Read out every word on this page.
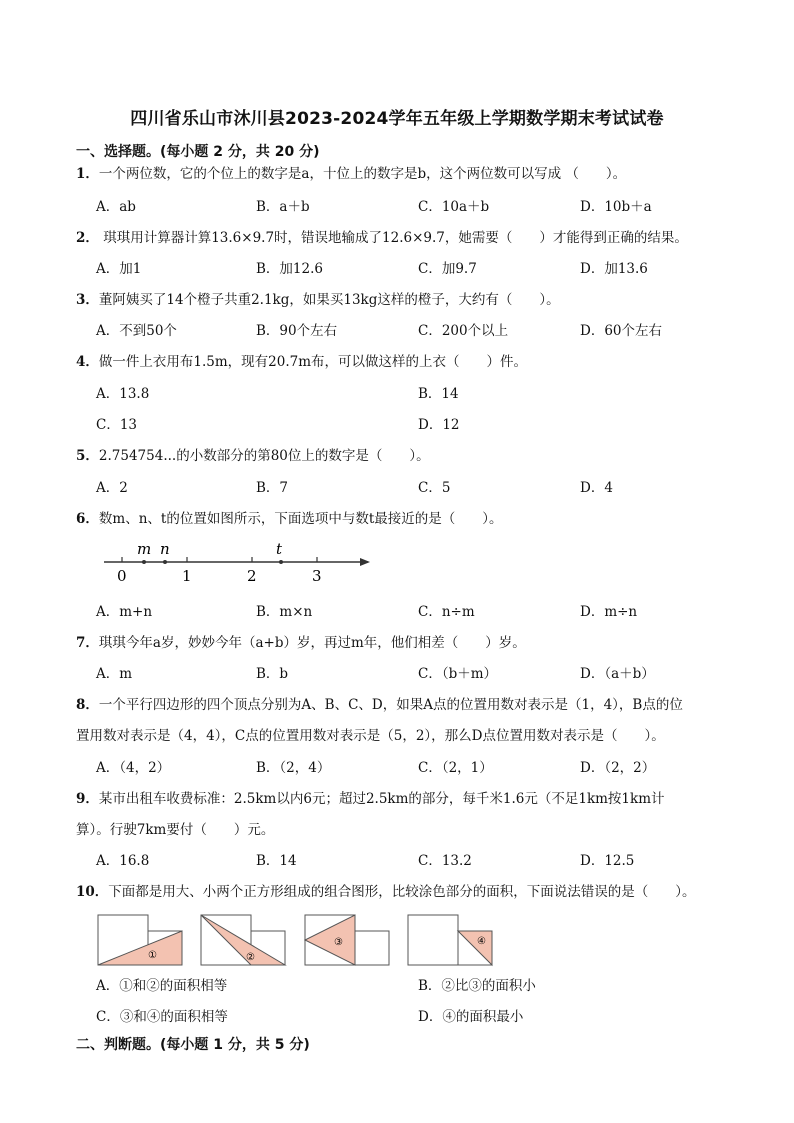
四川省乐山市沐川县2023-2024学年五年级上学期数学期末考试试卷
一、选择题。(每小题 2 分，共 20 分)
1．一个两位数，它的个位上的数字是a，十位上的数字是b，这个两位数可以写成 （　　）。
A．ab	B．a＋b	C．10a＋b	D．10b＋a
2． 琪琪用计算器计算13.6×9.7时，错误地输成了12.6×9.7，她需要（　　）才能得到正确的结果。
A．加1	B．加12.6	C．加9.7	D．加13.6
3．董阿姨买了14个橙子共重2.1kg，如果买13kg这样的橙子，大约有（　　）。
A．不到50个	B．90个左右	C．200个以上	D．60个左右
4．做一件上衣用布1.5m，现有20.7m布，可以做这样的上衣（　　）件。
A．13.8	B．14
C．13	D．12
5．2.754754...的小数部分的第80位上的数字是（　　）。
A．2	B．7	C．5	D．4
6．数m、n、t的位置如图所示，下面选项中与数t最接近的是（　　）。
0	1	2	3
m n	t
A．m+n	B．m×n	C．n÷m	D．m÷n
7．琪琪今年a岁，妙妙今年（a+b）岁，再过m年，他们相差（　　）岁。
A．m	B．b	C．（b＋m）	D．（a＋b）
8．一个平行四边形的四个顶点分别为A、B、C、D，如果A点的位置用数对表示是（1，4），B点的位
置用数对表示是（4，4），C点的位置用数对表示是（5，2），那么D点位置用数对表示是（　　）。
A．（4，2）	B．（2，4）	C．（2，1）	D．（2，2）
9．某市出租车收费标准：2.5km以内6元；超过2.5km的部分，每千米1.6元（不足1km按1km计
算）。行驶7km要付（　　）元。
A．16.8	B．14	C．13.2	D．12.5
10．下面都是用大、小两个正方形组成的组合图形，比较涂色部分的面积，下面说法错误的是（　　）。
①	②
③	④
A．①和②的面积相等	B．②比③的面积小
C．③和④的面积相等	D．④的面积最小
二、判断题。(每小题 1 分，共 5 分)
